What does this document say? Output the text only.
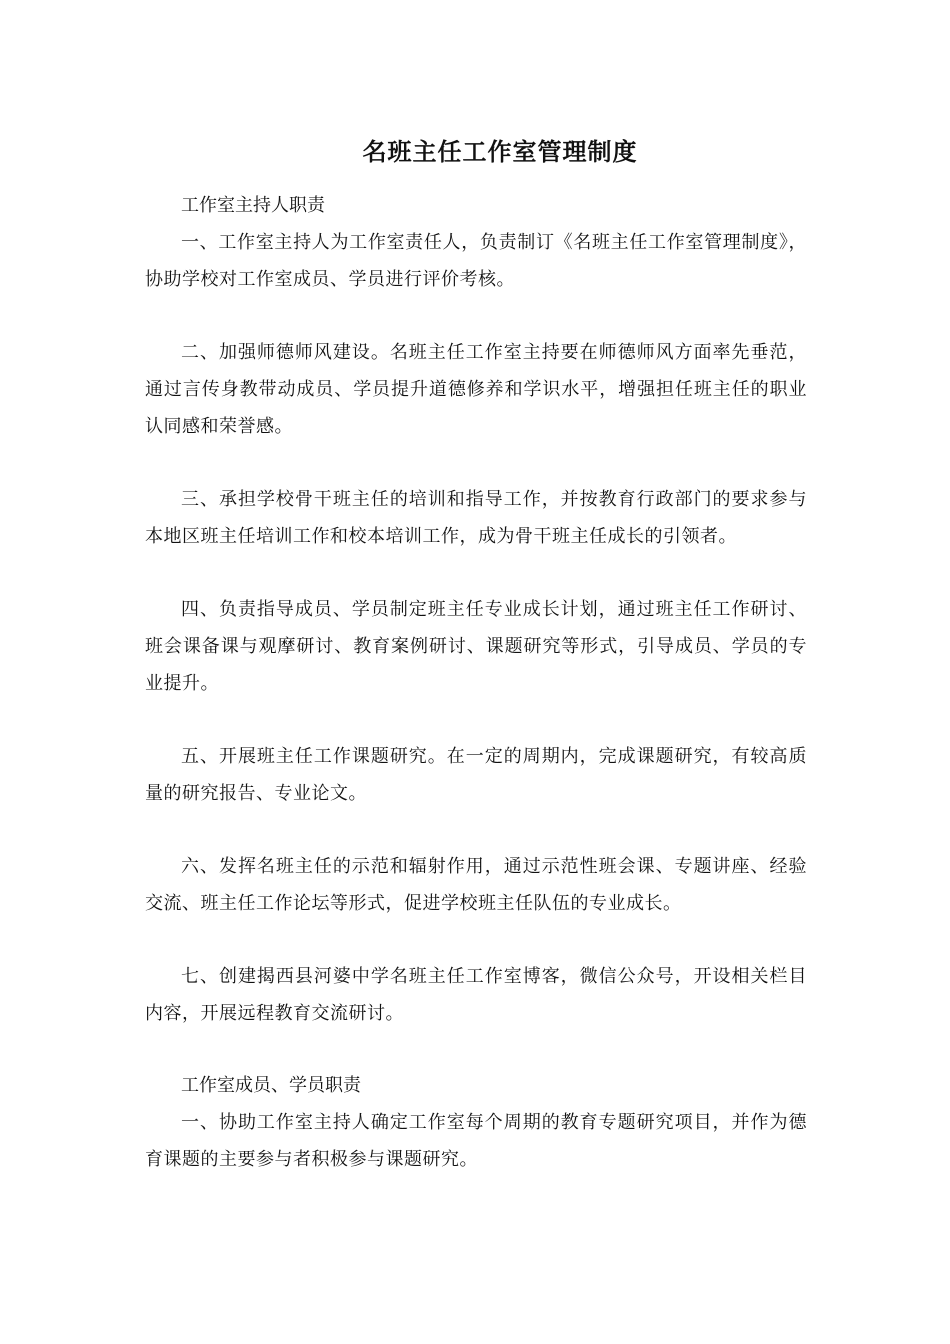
名班主任工作室管理制度

工作室主持人职责

一、工作室主持人为工作室责任人，负责制订《名班主任工作室管理制度》，协助学校对工作室成员、学员进行评价考核。

二、加强师德师风建设。名班主任工作室主持要在师德师风方面率先垂范，通过言传身教带动成员、学员提升道德修养和学识水平，增强担任班主任的职业认同感和荣誉感。

三、承担学校骨干班主任的培训和指导工作，并按教育行政部门的要求参与本地区班主任培训工作和校本培训工作，成为骨干班主任成长的引领者。

四、负责指导成员、学员制定班主任专业成长计划，通过班主任工作研讨、班会课备课与观摩研讨、教育案例研讨、课题研究等形式，引导成员、学员的专业提升。

五、开展班主任工作课题研究。在一定的周期内，完成课题研究，有较高质量的研究报告、专业论文。

六、发挥名班主任的示范和辐射作用，通过示范性班会课、专题讲座、经验交流、班主任工作论坛等形式，促进学校班主任队伍的专业成长。

七、创建揭西县河婆中学名班主任工作室博客，微信公众号，开设相关栏目内容，开展远程教育交流研讨。

工作室成员、学员职责

一、协助工作室主持人确定工作室每个周期的教育专题研究项目，并作为德育课题的主要参与者积极参与课题研究。
